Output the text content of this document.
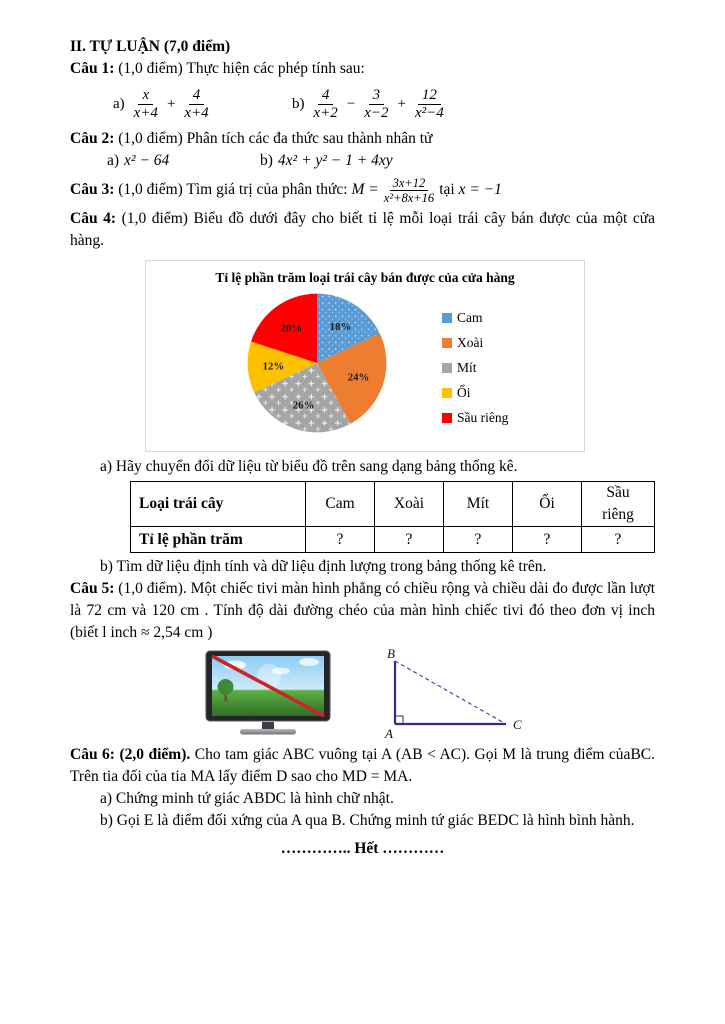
II. TỰ LUẬN (7,0 điểm)

Câu 1: (1,0 điểm) Thực hiện các phép tính sau:

$a) \frac{x}{x+4} + \frac{4}{x+4}$	$b) \frac{4}{x+2} - \frac{3}{x-2} + \frac{12}{\text{x²−4}}$

Câu 2: (1,0 điểm) Phân tích các đa thức sau thành nhân tử

a) x² − 64	b) 4x² + y² − 1 + 4xy
Câu 3:
(1,0 điểm) Tìm giá trị của phân thức:
$M = \frac{3x+12}{\text{x²+8x+16}}$ tại
x = −1

Câu 4: (1,0 điểm) Biểu đồ dưới đây cho biết tỉ lệ mỗi loại trái cây bán được của một cửa hàng.

Tỉ lệ phần trăm loại trái cây bán được của cửa hàng
18%
24%
26%
12%
20%
Cam
Xoài
Mít
Ổi
Sầu riêng

a) Hãy chuyển đổi dữ liệu từ biểu đồ trên sang dạng bảng thống kê.

Loại trái cây	Cam	Xoài	Mít	Ổi	Sầu riêng
Tỉ lệ phần trăm	?	?	?	?	?

b) Tìm dữ liệu định tính và dữ liệu định lượng trong bảng thống kê trên.

Câu 5: (1,0 điểm). Một chiếc tivi màn hình phẳng có chiều rộng và chiều dài đo được lần lượt là 72 cm và 120 cm . Tính độ dài đường chéo của màn hình chiếc tivi đó theo đơn vị inch (biết l inch ≈ 2,54 cm )

B
A
C

Câu 6: (2,0 điểm). Cho tam giác ABC vuông tại A (AB < AC). Gọi M là trung điểm củaBC. Trên tia đối của tia MA lấy điểm D sao cho MD = MA.

a) Chứng minh tứ giác ABDC là hình chữ nhật.

b) Gọi E là điểm đối xứng của A qua B. Chứng minh tứ giác BEDC là hình bình hành.

………….. Hết …………
